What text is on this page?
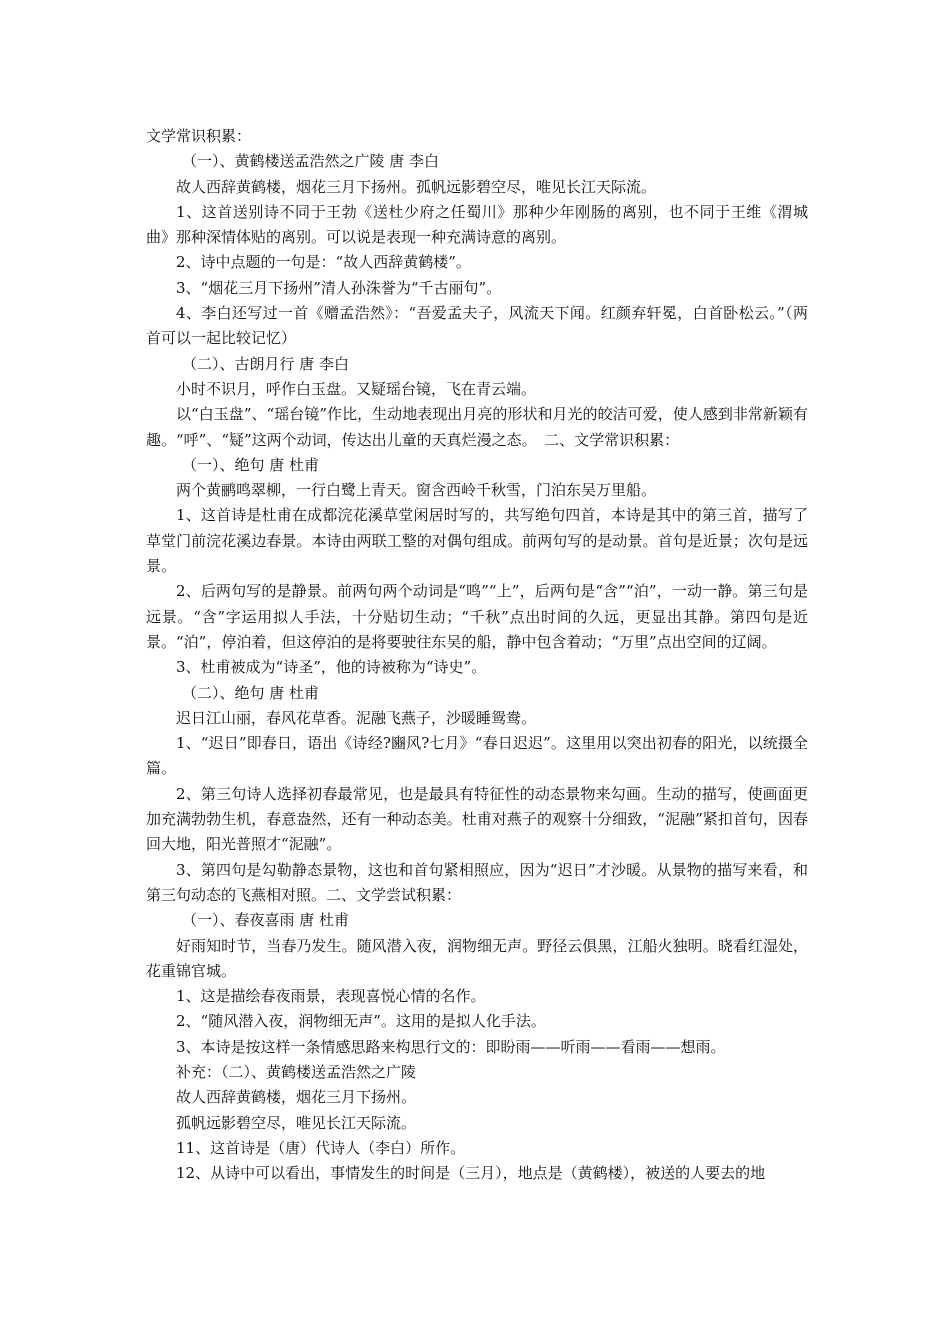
文学常识积累：

（一）、黄鹤楼送孟浩然之广陵 唐 李白

故人西辞黄鹤楼，烟花三月下扬州。孤帆远影碧空尽，唯见长江天际流。

1、这首送别诗不同于王勃《送杜少府之任蜀川》那种少年刚肠的离别，也不同于王维《渭城曲》那种深情体贴的离别。可以说是表现一种充满诗意的离别。

2、诗中点题的一句是：“故人西辞黄鹤楼”。

3、“烟花三月下扬州”清人孙洙誉为“千古丽句”。

4、李白还写过一首《赠孟浩然》：“吾爱孟夫子，风流天下闻。红颜弃轩冕，白首卧松云。”（两首可以一起比较记忆）

（二）、古朗月行 唐 李白

小时不识月，呼作白玉盘。又疑瑶台镜，飞在青云端。

以“白玉盘”、“瑶台镜”作比，生动地表现出月亮的形状和月光的皎洁可爱，使人感到非常新颖有趣。“呼”、“疑”这两个动词，传达出儿童的天真烂漫之态。　二、文学常识积累：

（一）、绝句 唐 杜甫

两个黄鹂鸣翠柳，一行白鹭上青天。窗含西岭千秋雪，门泊东吴万里船。

1、这首诗是杜甫在成都浣花溪草堂闲居时写的，共写绝句四首，本诗是其中的第三首，描写了草堂门前浣花溪边春景。本诗由两联工整的对偶句组成。前两句写的是动景。首句是近景；次句是远景。

2、后两句写的是静景。前两句两个动词是“鸣”“上”，后两句是“含”“泊”，一动一静。第三句是远景。“含”字运用拟人手法，十分贴切生动；“千秋”点出时间的久远，更显出其静。第四句是近景。“泊”，停泊着，但这停泊的是将要驶往东吴的船，静中包含着动；“万里”点出空间的辽阔。

3、杜甫被成为“诗圣”，他的诗被称为“诗史”。

（二）、绝句 唐 杜甫

迟日江山丽，春风花草香。泥融飞燕子，沙暖睡鸳鸯。

1、“迟日”即春日，语出《诗经?豳风?七月》“春日迟迟”。这里用以突出初春的阳光，以统摄全篇。

2、第三句诗人选择初春最常见，也是最具有特征性的动态景物来勾画。生动的描写，使画面更加充满勃勃生机，春意盎然，还有一种动态美。杜甫对燕子的观察十分细致，“泥融”紧扣首句，因春回大地，阳光普照才“泥融”。

3、第四句是勾勒静态景物，这也和首句紧相照应，因为“迟日”才沙暖。从景物的描写来看，和第三句动态的飞燕相对照。二、文学尝试积累：

（一）、春夜喜雨 唐 杜甫

好雨知时节，当春乃发生。随风潜入夜，润物细无声。野径云俱黑，江船火独明。晓看红湿处，花重锦官城。

1、这是描绘春夜雨景，表现喜悦心情的名作。

2、“随风潜入夜，润物细无声”。这用的是拟人化手法。

3、本诗是按这样一条情感思路来构思行文的：即盼雨——听雨——看雨——想雨。

补充：（二）、黄鹤楼送孟浩然之广陵

故人西辞黄鹤楼，烟花三月下扬州。

孤帆远影碧空尽，唯见长江天际流。

11、这首诗是（唐）代诗人（李白）所作。

12、从诗中可以看出，事情发生的时间是（三月），地点是（黄鹤楼），被送的人要去的地
